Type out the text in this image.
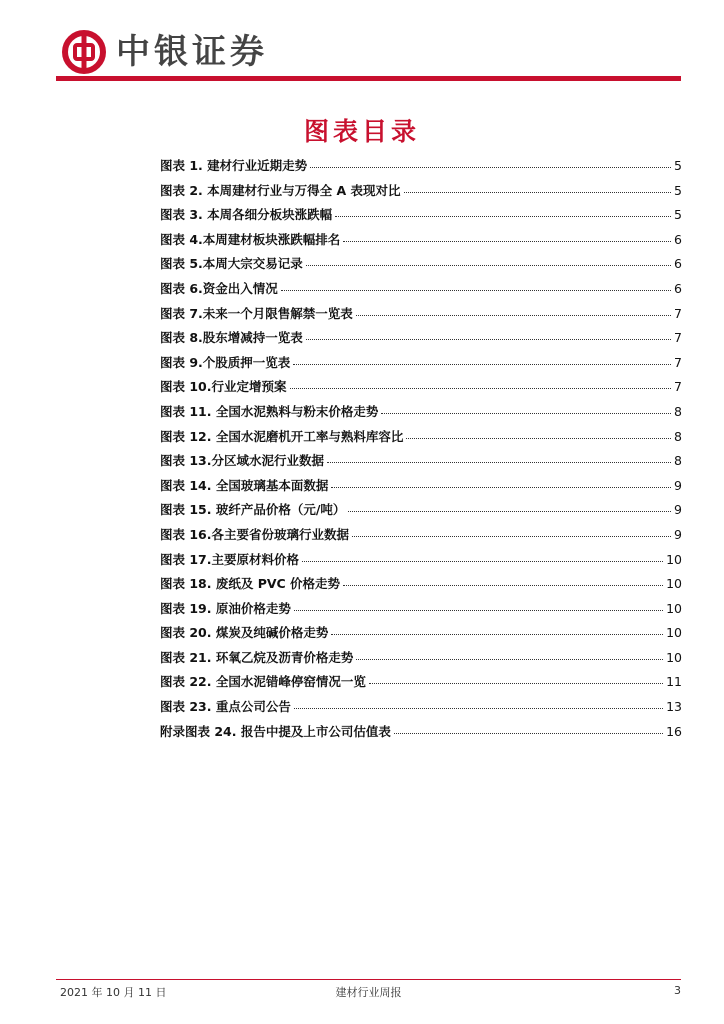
中银证券
图表目录
图表 1. 建材行业近期走势	5
图表 2. 本周建材行业与万得全 A 表现对比	5
图表 3. 本周各细分板块涨跌幅	5
图表 4.本周建材板块涨跌幅排名	6
图表 5.本周大宗交易记录	6
图表 6.资金出入情况	6
图表 7.未来一个月限售解禁一览表	7
图表 8.股东增减持一览表	7
图表 9.个股质押一览表	7
图表 10.行业定增预案	7
图表 11. 全国水泥熟料与粉末价格走势	8
图表 12. 全国水泥磨机开工率与熟料库容比	8
图表 13.分区域水泥行业数据	8
图表 14. 全国玻璃基本面数据	9
图表 15. 玻纤产品价格（元/吨）	9
图表 16.各主要省份玻璃行业数据	9
图表 17.主要原材料价格	10
图表 18. 废纸及 PVC 价格走势	10
图表 19. 原油价格走势	10
图表 20. 煤炭及纯碱价格走势	10
图表 21. 环氧乙烷及沥青价格走势	10
图表 22. 全国水泥错峰停窑情况一览	11
图表 23. 重点公司公告	13
附录图表 24. 报告中提及上市公司估值表	16
2021 年 10 月 11 日	建材行业周报	3
